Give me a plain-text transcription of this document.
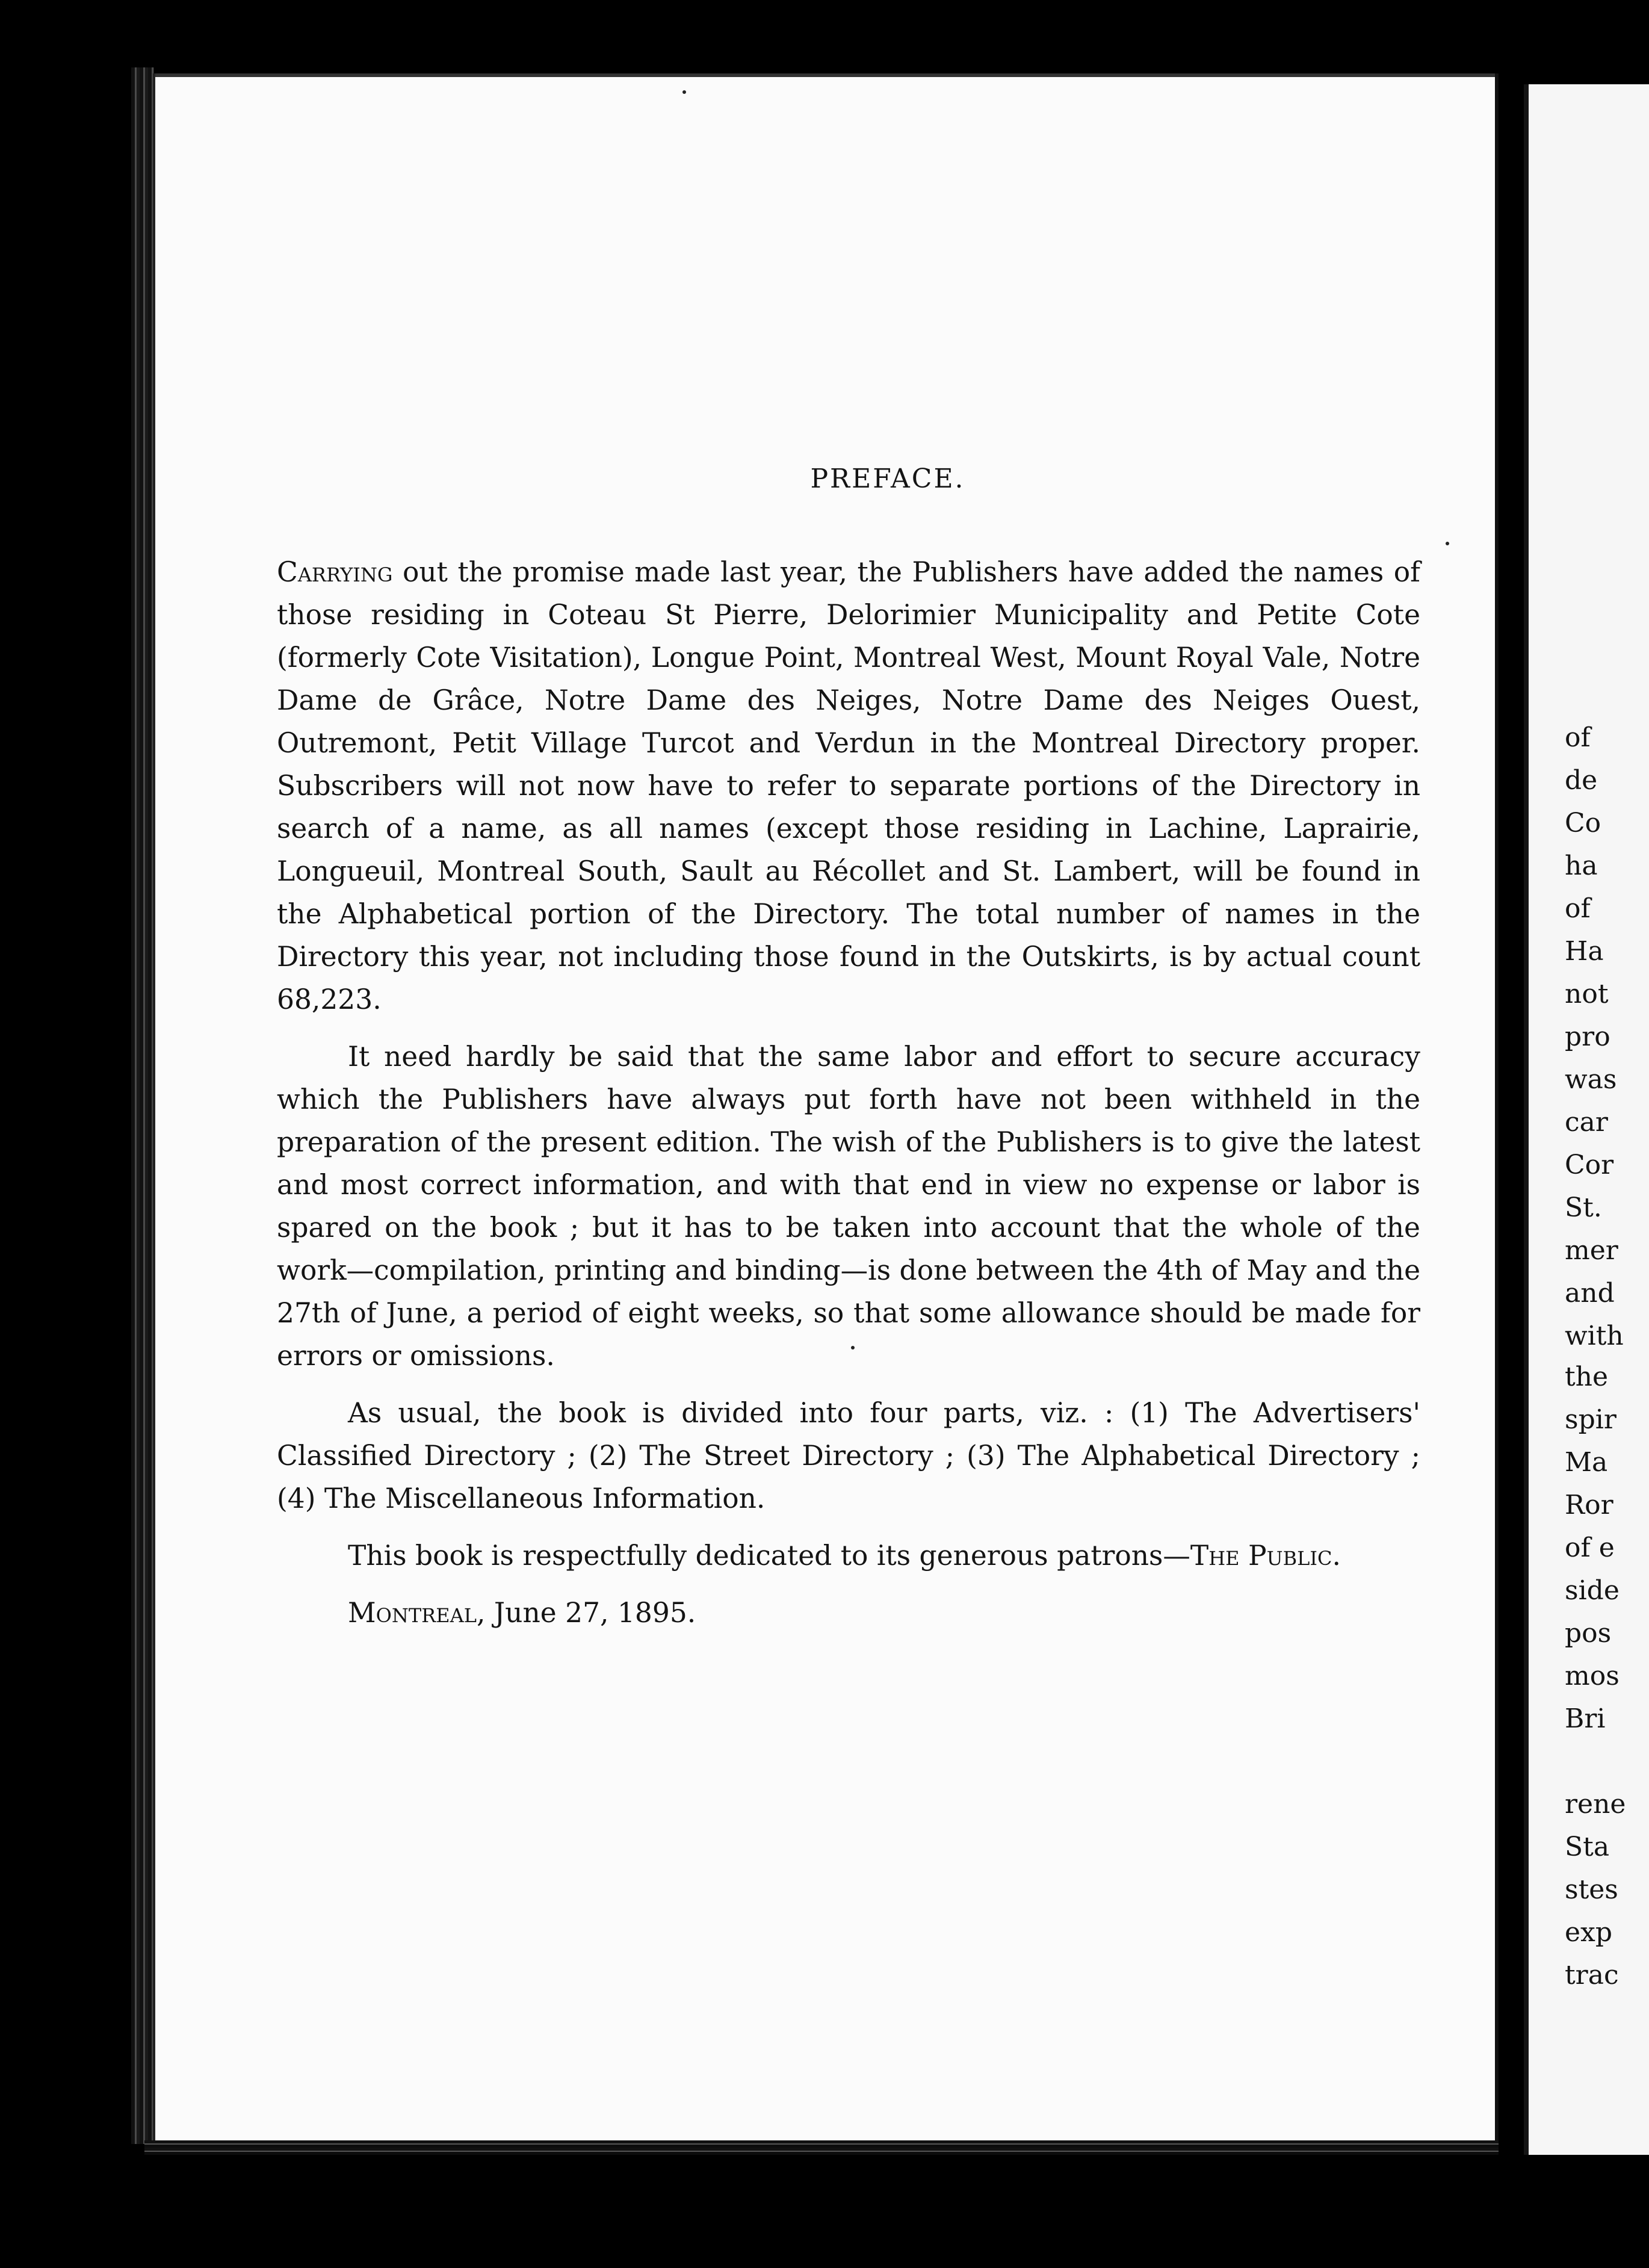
of
de
Co
ha
of
Ha
not
pro
was
car
Cor
St.
mer
and
with
the
spir
Ma
Ror
of e
side
pos
mos
Bri
rene
Sta
stes
exp
trac
PREFACE.

Carrying out the promise made last year, the Publishers have added the names of those residing in Coteau St Pierre, Delorimier Municipality and Petite Cote (formerly Cote Visitation), Longue Point, Montreal West, Mount Royal Vale, Notre Dame de Grâce, Notre Dame des Neiges, Notre Dame des Neiges Ouest, Outremont, Petit Village Turcot and Verdun in the Montreal Directory proper. Subscribers will not now have to refer to separate portions of the Directory in search of a name, as all names (except those residing in Lachine, Laprairie, Longueuil, Montreal South, Sault au Récollet and St. Lambert, will be found in the Alphabetical portion of the Directory. The total number of names in the Directory this year, not including those found in the Outskirts, is by actual count 68,223.

It need hardly be said that the same labor and effort to secure accuracy which the Publishers have always put forth have not been withheld in the preparation of the present edition. The wish of the Publishers is to give the latest and most correct information, and with that end in view no expense or labor is spared on the book ; but it has to be taken into account that the whole of the work—compilation, printing and binding—is done between the 4th of May and the 27th of June, a period of eight weeks, so that some allowance should be made for errors or omissions.

As usual, the book is divided into four parts, viz. : (1) The Advertisers' Classified Directory ; (2) The Street Directory ; (3) The Alphabetical Directory ; (4) The Miscellaneous Information.

This book is respectfully dedicated to its generous patrons—The Public.

Montreal, June 27, 1895.
